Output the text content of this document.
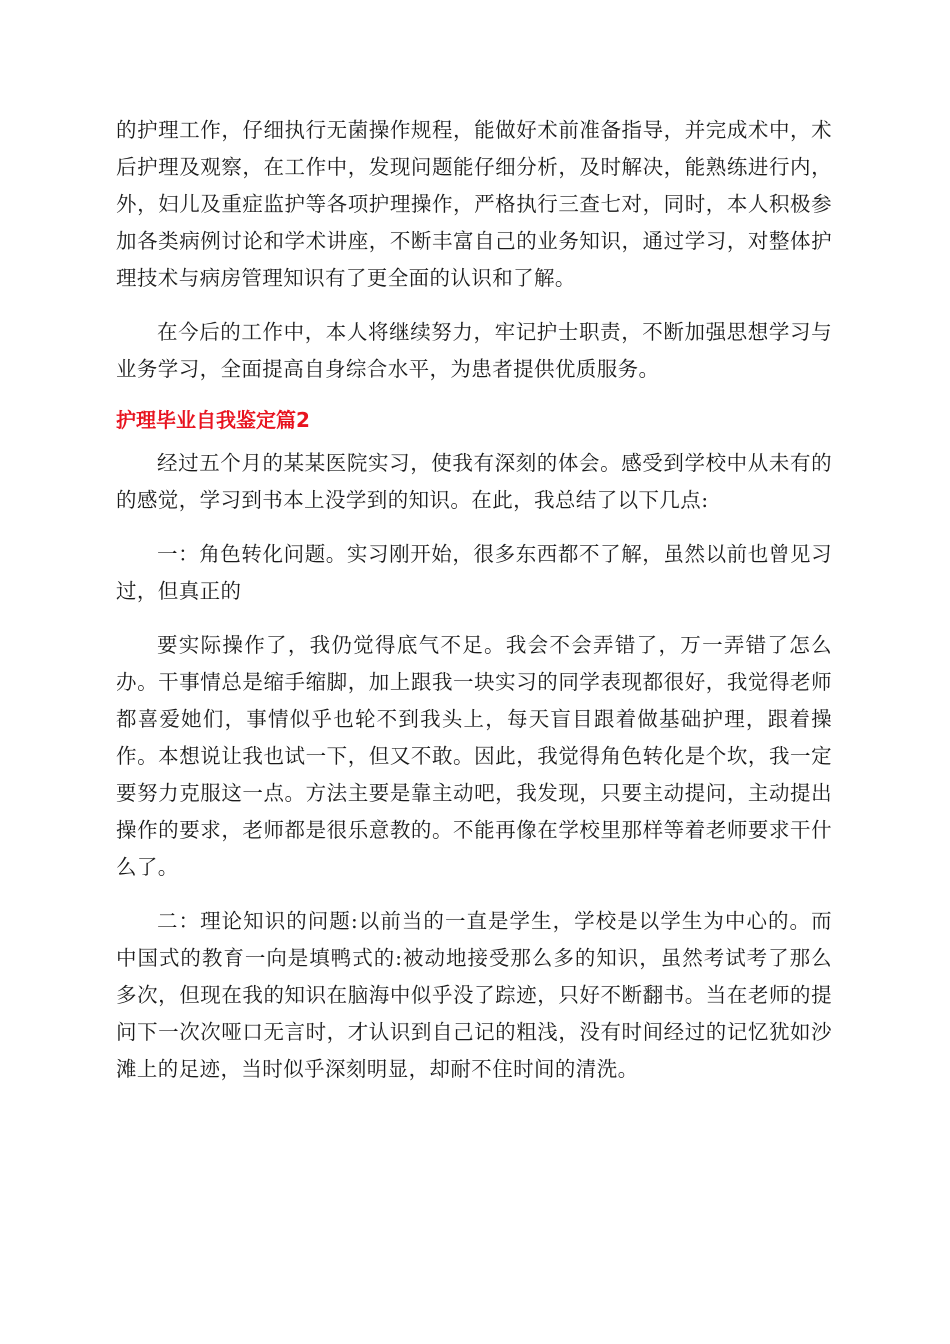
的护理工作，仔细执行无菌操作规程，能做好术前准备指导，并完成术中，术后护理及观察，在工作中，发现问题能仔细分析，及时解决，能熟练进行内，外，妇儿及重症监护等各项护理操作，严格执行三查七对，同时，本人积极参加各类病例讨论和学术讲座，不断丰富自己的业务知识，通过学习，对整体护理技术与病房管理知识有了更全面的认识和了解。

在今后的工作中，本人将继续努力，牢记护士职责，不断加强思想学习与业务学习，全面提高自身综合水平，为患者提供优质服务。

护理毕业自我鉴定篇2

经过五个月的某某医院实习，使我有深刻的体会。感受到学校中从未有的的感觉，学习到书本上没学到的知识。在此，我总结了以下几点:

一：角色转化问题。实习刚开始，很多东西都不了解，虽然以前也曾见习过，但真正的

要实际操作了，我仍觉得底气不足。我会不会弄错了，万一弄错了怎么办。干事情总是缩手缩脚，加上跟我一块实习的同学表现都很好，我觉得老师都喜爱她们，事情似乎也轮不到我头上，每天盲目跟着做基础护理，跟着操作。本想说让我也试一下，但又不敢。因此，我觉得角色转化是个坎，我一定要努力克服这一点。方法主要是靠主动吧，我发现，只要主动提问，主动提出操作的要求，老师都是很乐意教的。不能再像在学校里那样等着老师要求干什么了。

二：理论知识的问题:以前当的一直是学生，学校是以学生为中心的。而中国式的教育一向是填鸭式的:被动地接受那么多的知识，虽然考试考了那么多次，但现在我的知识在脑海中似乎没了踪迹，只好不断翻书。当在老师的提问下一次次哑口无言时，才认识到自己记的粗浅，没有时间经过的记忆犹如沙滩上的足迹，当时似乎深刻明显，却耐不住时间的清洗。
